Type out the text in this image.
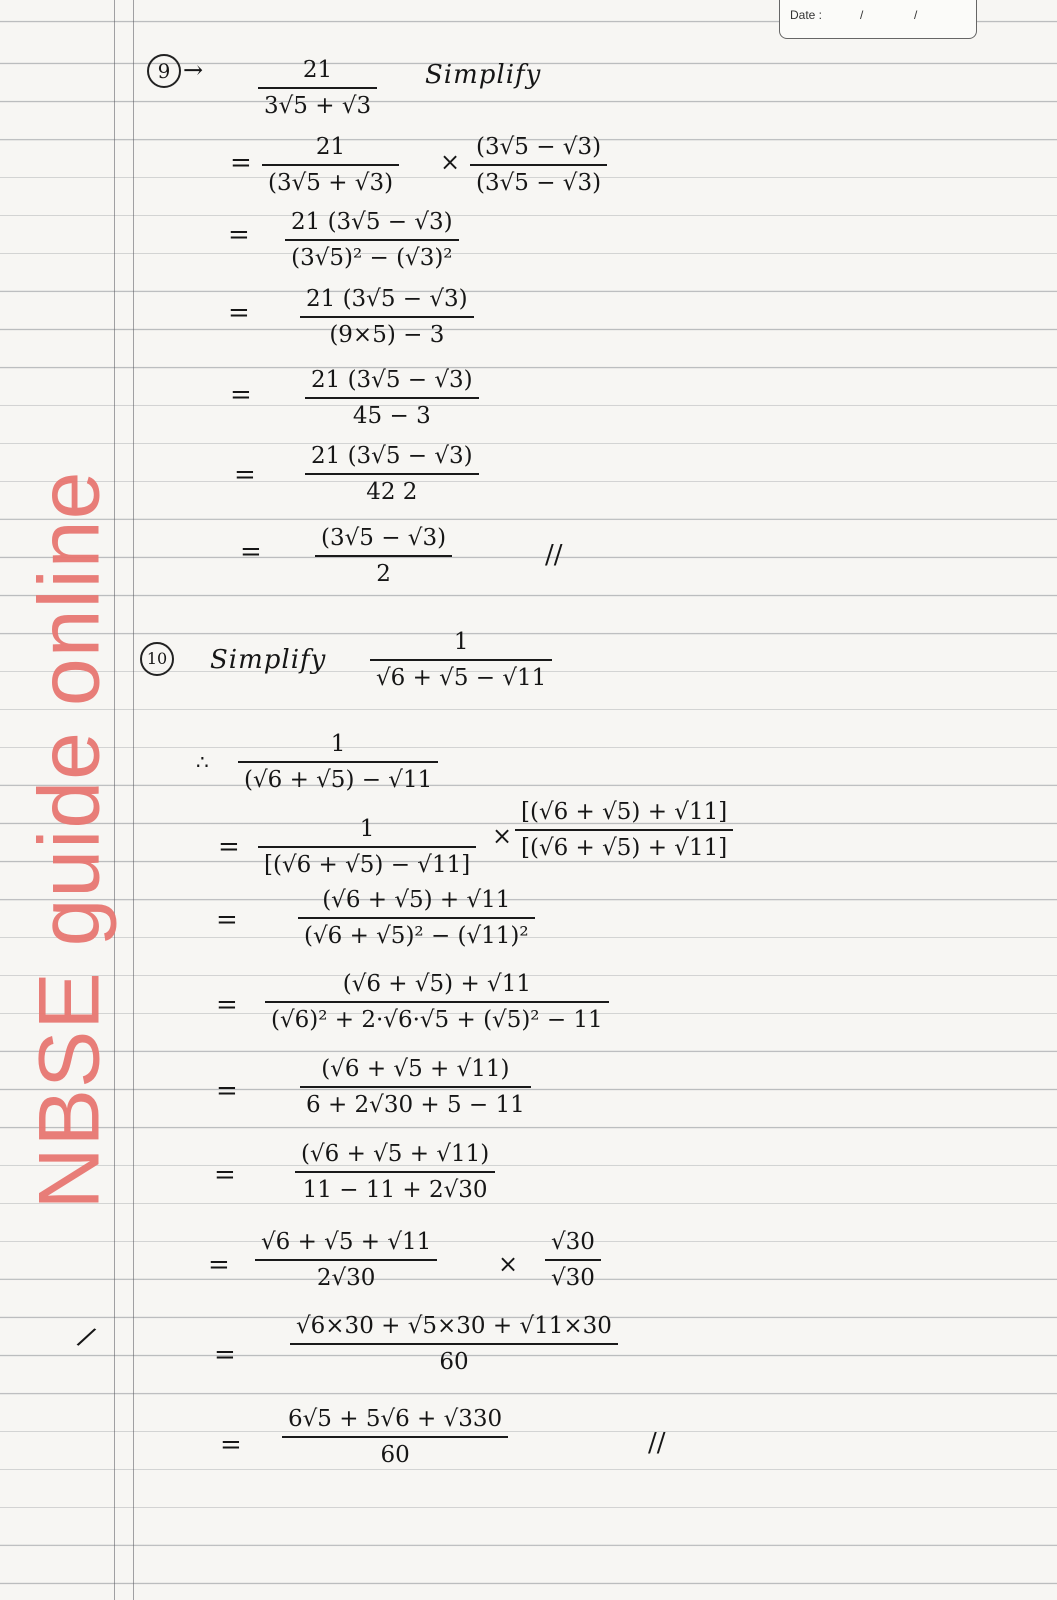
Date :	/	/
NBSE guide online
9 →	21
3√5 + √3
Simplify
=
21
(3√5 + √3)
×
(3√5 − √3)
(3√5 − √3)
= 21 (3√5 − √3)
(3√5)² − (√3)²
= 21 (3√5 − √3)
(9×5) − 3
=	21 (3√5 − √3)
45 − 3
=
21 (3√5 − √3)
42 2
=	(3√5 − √3)
2
//
10 Simplify
1
√6 + √5 − √11
∴
1
(√6 + √5) − √11
=
1
[(√6 + √5) − √11]
×
[(√6 + √5) + √11]
[(√6 + √5) + √11]
=
(√6 + √5) + √11
(√6 + √5)² − (√11)²
=
(√6 + √5) + √11
(√6)² + 2·√6·√5 + (√5)² − 11
=
(√6 + √5 + √11)
6 + 2√30 + 5 − 11
=
(√6 + √5 + √11)
11 − 11 + 2√30
=
√6 + √5 + √11
2√30	×
√30
√30
/
=
√6×30 + √5×30 + √11×30
60
=
6√5 + 5√6 + √330
60	//
